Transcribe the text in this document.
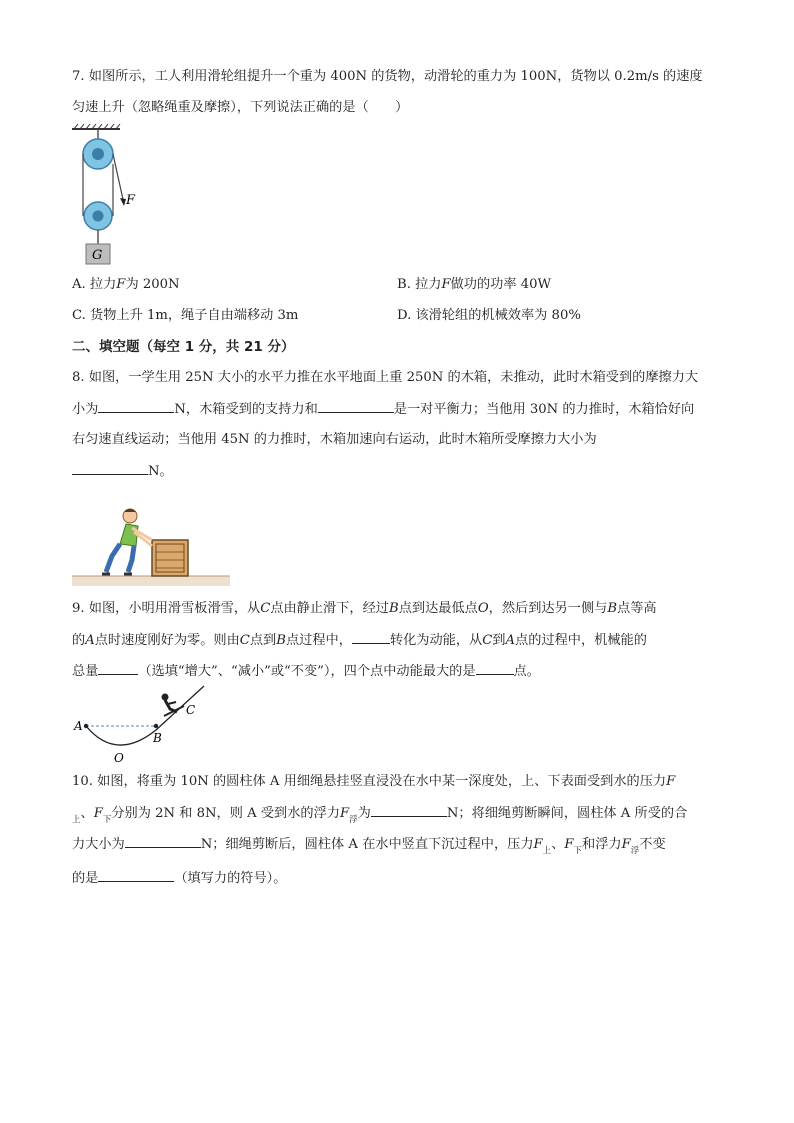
7. 如图所示，工人利用滑轮组提升一个重为 400N 的货物，动滑轮的重力为 100N，货物以 0.2m/s 的速度
匀速上升（忽略绳重及摩擦），下列说法正确的是（　　）
F
G
A. 拉力F为 200N	B. 拉力F做功的功率 40W
C. 货物上升 1m，绳子自由端移动 3m	D. 该滑轮组的机械效率为 80%
二、填空题（每空 1 分，共 21 分）
8. 如图，一学生用 25N 大小的水平力推在水平地面上重 250N 的木箱，未推动，此时木箱受到的摩擦力大
小为	N，木箱受到的支持力和	是一对平衡力；当他用 30N 的力推时，木箱恰好向
右匀速直线运动；当他用 45N 的力推时，木箱加速向右运动，此时木箱所受摩擦力大小为
N。
9. 如图，小明用滑雪板滑雪，从C点由静止滑下，经过B点到达最低点O，然后到达另一侧与B点等高
的A点时速度刚好为零。则由C点到B点过程中，	转化为动能，从C到A点的过程中，机械能的
总量	（选填“增大”、“减小”或“不变”），四个点中动能最大的是	点。
A
B
C
O
10. 如图，将重为 10N 的圆柱体 A 用细绳悬挂竖直浸没在水中某一深度处，上、下表面受到水的压力F
$_上$、$F_下$分别为 2N 和 8N，则 A 受到水的浮力$F_浮$为	N；将细绳剪断瞬间，圆柱体 A 所受的合
力大小为	N；细绳剪断后，圆柱体 A 在水中竖直下沉过程中，压力$F_上$、$F_下$和浮力$F_浮$不变
的是	（填写力的符号）。
